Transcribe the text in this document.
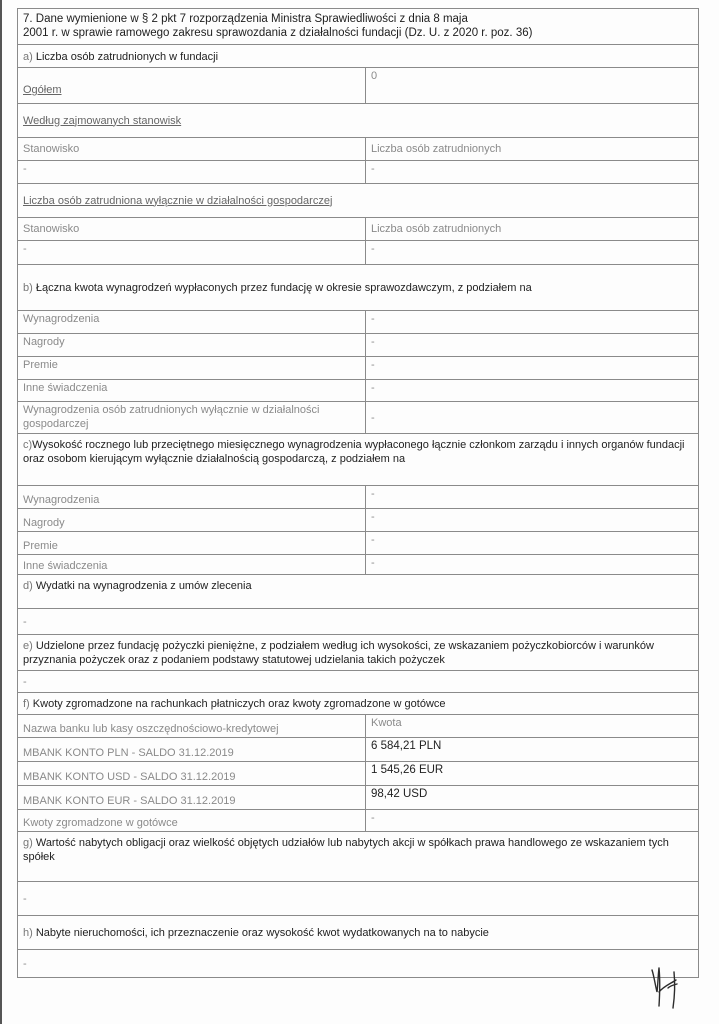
7. Dane wymienione w § 2 pkt 7 rozporządzenia Ministra Sprawiedliwości z dnia 8 maja
2001 r. w sprawie ramowego zakresu sprawozdania z działalności fundacji (Dz. U. z 2020 r. poz. 36)	

a) Liczba osób zatrudnionych w fundacji	
Ogółem	0
Według zajmowanych stanowisk	
Stanowisko	Liczba osób zatrudnionych
-	-
Liczba osób zatrudniona wyłącznie w działalności gospodarczej	
Stanowisko	Liczba osób zatrudnionych
-	-
b) Łączna kwota wynagrodzeń wypłaconych przez fundację w okresie sprawozdawczym, z podziałem na	
Wynagrodzenia	-
Nagrody	-
Premie	-
Inne świadczenia	-
Wynagrodzenia osób zatrudnionych wyłącznie w działalności gospodarczej	-
c)Wysokość rocznego lub przeciętnego miesięcznego wynagrodzenia wypłaconego łącznie członkom zarządu i innych organów fundacji oraz osobom kierującym wyłącznie działalnością gospodarczą, z podziałem na	
Wynagrodzenia	-
Nagrody	-
Premie	-
Inne świadczenia	-
d) Wydatki na wynagrodzenia z umów zlecenia	
-	
e) Udzielone przez fundację pożyczki pieniężne, z podziałem według ich wysokości, ze wskazaniem pożyczkobiorców i warunków przyznania pożyczek oraz z podaniem podstawy statutowej udzielania takich pożyczek	
-	
f) Kwoty zgromadzone na rachunkach płatniczych oraz kwoty zgromadzone w gotówce	
Nazwa banku lub kasy oszczędnościowo-kredytowej	Kwota
MBANK KONTO PLN - SALDO 31.12.2019	6 584,21 PLN
MBANK KONTO USD - SALDO 31.12.2019	1 545,26 EUR
MBANK KONTO EUR - SALDO 31.12.2019	98,42 USD
Kwoty zgromadzone w gotówce	-
g) Wartość nabytych obligacji oraz wielkość objętych udziałów lub nabytych akcji w spółkach prawa handlowego ze wskazaniem tych spółek	
-	
h) Nabyte nieruchomości, ich przeznaczenie oraz wysokość kwot wydatkowanych na to nabycie	
-	
